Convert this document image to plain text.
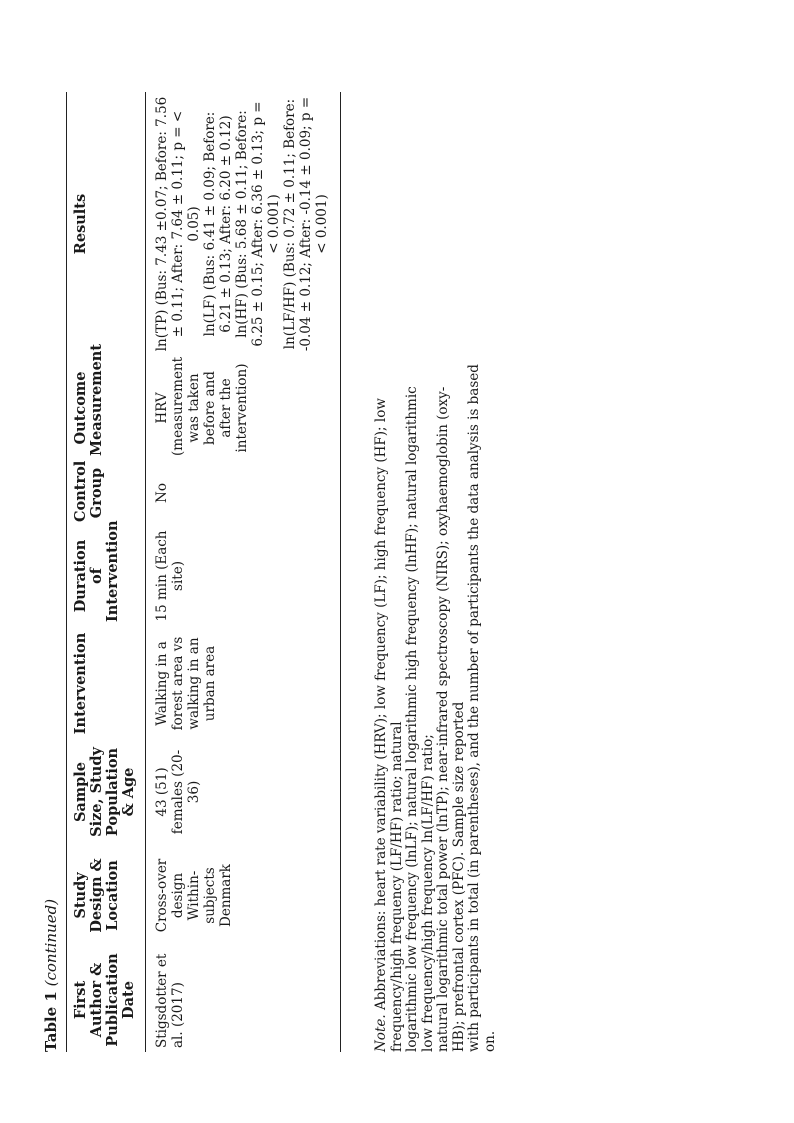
Table 1 (continued)
First Author & Publication Date	Study Design & Location	Sample Size, Study Population & Age	Intervention	Duration of Intervention	Control Group	Outcome Measurement	Results
Stigsdotter et al. (2017)	Cross-over design Within-subjects Denmark	43 (51) females (20-36)	Walking in a forest area vs walking in an urban area	15 min (Each site)	No	HRV (measurement was taken before and after the intervention)	ln(TP) (Bus: 7.43 ±0.07; Before: 7.56 ± 0.11; After: 7.64 ± 0.11; p = < 0.05) ln(LF) (Bus: 6.41 ± 0.09; Before: 6.21 ± 0.13; After: 6.20 ± 0.12) ln(HF) (Bus: 5.68 ± 0.11; Before: 6.25 ± 0.15; After: 6.36 ± 0.13; p = < 0.001) ln(LF/HF) (Bus: 0.72 ± 0.11; Before: -0.04 ± 0.12; After: -0.14 ± 0.09; p = < 0.001)
Note. Abbreviations: heart rate variability (HRV); low frequency (LF); high frequency (HF); low frequency/high frequency (LF/HF) ratio; natural logarithmic low frequency (lnLF); natural logarithmic high frequency (lnHF); natural logarithmic low frequency/high frequency ln(LF/HF) ratio; natural logarithmic total power (lnTP); near-infrared spectroscopy (NIRS); oxyhaemoglobin (oxy-HB); prefrontal cortex (PFC). Sample size reported with participants in total (in parentheses), and the number of participants the data analysis is based on.
